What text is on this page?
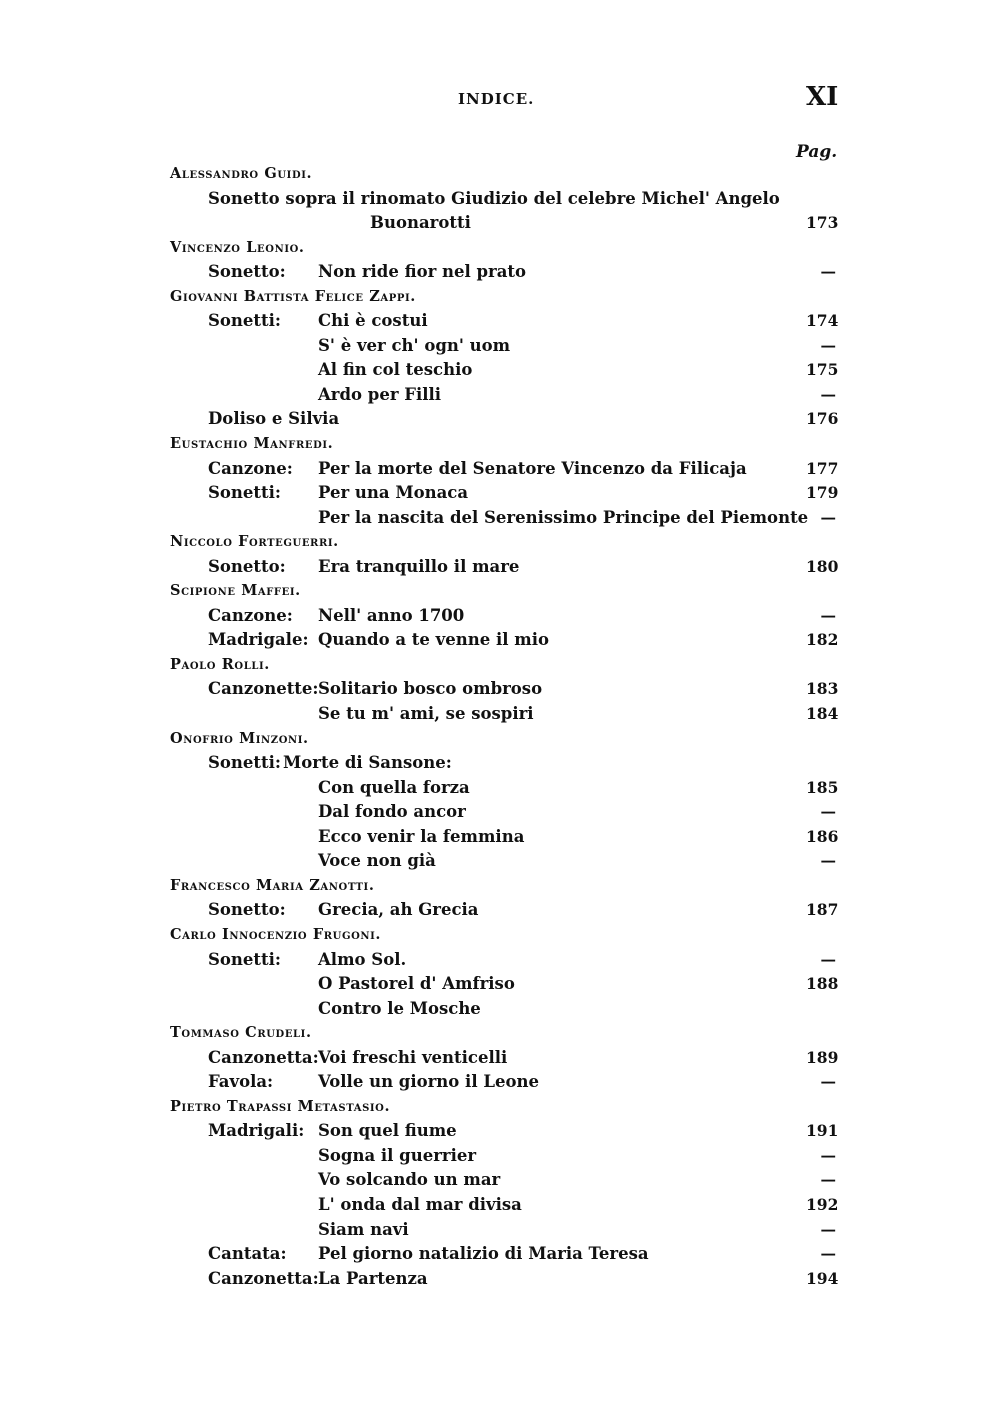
INDICE.	XI
Pag.
Alessandro Guidi.
Sonetto sopra il rinomato Giudizio del celebre Michel' Angelo
Buonarotti	173
Vincenzo Leonio.
Sonetto: Non ride fior nel prato	—
Giovanni Battista Felice Zappi.
Sonetti: Chi è costui	174
S' è ver ch' ogn' uom	—
Al fin col teschio	175
Ardo per Filli	—
Doliso e Silvia	176
Eustachio Manfredi.
Canzone: Per la morte del Senatore Vincenzo da Filicaja	177
Sonetti: Per una Monaca	179
Per la nascita del Serenissimo Principe del Piemonte —
Niccolo Forteguerri.
Sonetto: Era tranquillo il mare	180
Scipione Maffei.
Canzone: Nell' anno 1700	—
Madrigale: Quando a te venne il mio	182
Paolo Rolli.
Canzonette: Solitario bosco ombroso	183
Se tu m' ami, se sospiri	184
Onofrio Minzoni.
Sonetti: Morte di Sansone:
Con quella forza	185
Dal fondo ancor	—
Ecco venir la femmina	186
Voce non già	—
Francesco Maria Zanotti.
Sonetto: Grecia, ah Grecia	187
Carlo Innocenzio Frugoni.
Sonetti: Almo Sol.	—
O Pastorel d' Amfriso	188
Contro le Mosche
Tommaso Crudeli.
Canzonetta: Voi freschi venticelli	189
Favola:	Volle un giorno il Leone	—
Pietro Trapassi Metastasio.
Madrigali: Son quel fiume	191
Sogna il guerrier	—
Vo solcando un mar	—
L' onda dal mar divisa	192
Siam navi	—
Cantata: Pel giorno natalizio di Maria Teresa	—
Canzonetta: La Partenza	194
